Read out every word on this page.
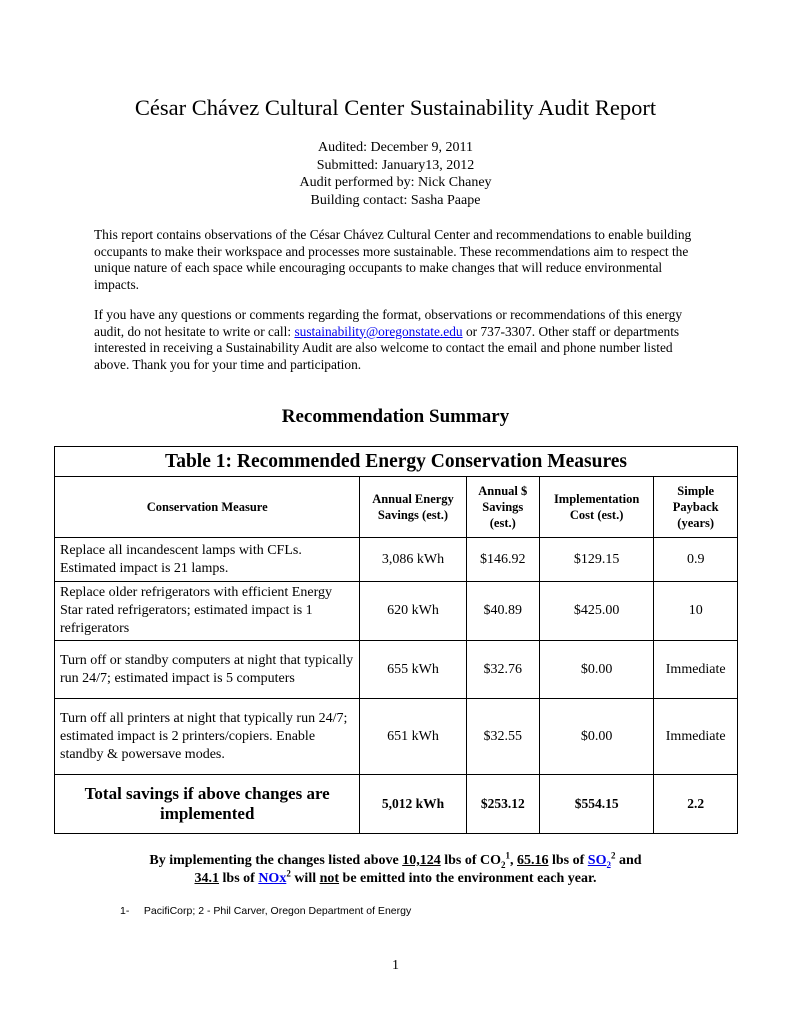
César Chávez Cultural Center Sustainability Audit Report
Audited: December 9, 2011
Submitted: January13, 2012
Audit performed by: Nick Chaney
Building contact: Sasha Paape
This report contains observations of the César Chávez Cultural Center and recommendations to enable building occupants to make their workspace and processes more sustainable. These recommendations aim to respect the unique nature of each space while encouraging occupants to make changes that will reduce environmental impacts.
If you have any questions or comments regarding the format, observations or recommendations of this energy audit, do not hesitate to write or call: sustainability@oregonstate.edu or 737-3307. Other staff or departments interested in receiving a Sustainability Audit are also welcome to contact the email and phone number listed above. Thank you for your time and participation.
Recommendation Summary
Table 1: Recommended Energy Conservation Measures				
Conservation Measure	Annual Energy Savings (est.)	Annual $ Savings (est.)	Implementation Cost (est.)	Simple Payback (years)
Replace all incandescent lamps with CFLs. Estimated impact is 21 lamps.	3,086 kWh	$146.92	$129.15	0.9
Replace older refrigerators with efficient Energy Star rated refrigerators; estimated impact is 1 refrigerators	620 kWh	$40.89	$425.00	10
Turn off or standby computers at night that typically run 24/7; estimated impact is 5 computers	655 kWh	$32.76	$0.00	Immediate
Turn off all printers at night that typically run 24/7; estimated impact is 2 printers/copiers. Enable standby & powersave modes.	651 kWh	$32.55	$0.00	Immediate
Total savings if above changes are implemented	5,012 kWh	$253.12	$554.15	2.2
By implementing the changes listed above 10,124 lbs of $CO_2^1$, 65.16 lbs of $SO_2^2$ and
34.1 lbs of NOx$^2$ will not be emitted into the environment each year.
1-     PacifiCorp; 2 - Phil Carver, Oregon Department of Energy
1
